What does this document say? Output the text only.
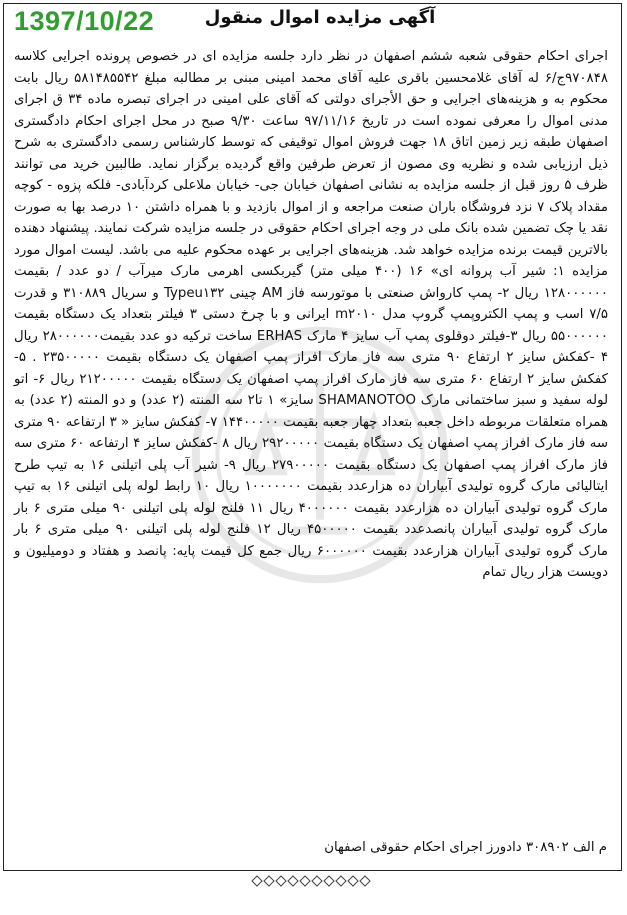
1397/10/22	آگهی مزایده اموال منقول

اجرای احکام حقوقی شعبه ششم اصفهان در نظر دارد جلسه مزایده ای در خصوص پرونده اجرایی کلاسه ۹۷۰۸۴۸ج/۶ له آقای غلامحسین باقری علیه آقای محمد امینی مبنی بر مطالبه مبلغ ۵۸۱۴۸۵۵۴۲ ریال بابت محکوم به و هزینه‌های اجرایی و حق الأجرای دولتی که آقای علی امینی در اجرای تبصره ماده ۳۴ ق اجرای مدنی اموال را معرفی نموده است در تاریخ ۹۷/۱۱/۱۶ ساعت ۹/۳۰ صبح در محل اجرای احکام دادگستری اصفهان طبقه زیر زمین اتاق ۱۸ جهت فروش اموال توقیفی که توسط کارشناس رسمی دادگستری به شرح ذیل ارزیابی شده و نظریه وی مصون از تعرض طرفین واقع گردیده برگزار نماید. طالبین خرید می توانند ظرف ۵ روز قبل از جلسه مزایده به نشانی اصفهان خیابان جی- خیابان ملاعلی کردآبادی- فلکه پزوه - کوچه مقداد پلاک ۷ نزد فروشگاه باران صنعت مراجعه و از اموال بازدید و با همراه داشتن ۱۰ درصد بها به صورت نقد یا چک تضمین شده بانک ملی در وجه اجرای احکام حقوقی در جلسه مزایده شرکت نمایند. پیشنهاد دهنده بالاترین قیمت برنده مزایده خواهد شد. هزینه‌های اجرایی بر عهده محکوم علیه می باشد. لیست اموال مورد مزایده ۱: شیر آب پروانه ای» ۱۶ (۴۰۰ میلی متر) گیربکسی اهرمی مارک میرآب / دو عدد / بقیمت ۱۲۸۰۰۰۰۰۰ ریال ۲- پمپ کارواش صنعتی با موتورسه فاز AM چینی Typeu۱۳۲ و سریال ۳۱۰۸۸۹ و قدرت ۷/۵ اسب و پمپ الکتروپمپ گروپ مدل m۲۰۱۰ ایرانی و با چرخ دستی ۳ فیلتر بتعداد یک دستگاه بقیمت ۵۵۰۰۰۰۰۰ ریال ۳-فیلتر دوقلوی پمپ آب سایز ۴ مارک ERHAS ساخت ترکیه دو عدد بقیمت۲۸۰۰۰۰۰۰ ریال ۴ -کفکش سایز ۲ ارتفاع ۹۰ متری سه فاز مارک افراز پمپ اصفهان یک دستگاه بقیمت ۲۳۵۰۰۰۰۰ . ۵- کفکش سایز ۲ ارتفاع ۶۰ متری سه فاز مارک افراز پمپ اصفهان یک دستگاه بقیمت ۲۱۲۰۰۰۰۰ ریال ۶- اتو لوله سفید و سبز ساختمانی مارک SHAMANOTOO سایز» ۱ تا۲ سه المنته (۲ عدد) و دو المنته (۲ عدد) به همراه متعلقات مربوطه داخل جعبه بتعداد چهار جعبه بقیمت ۱۴۴۰۰۰۰۰ ۷- کفکش سایز « ۳ ارتفاعه ۹۰ متری سه فاز مارک افراز پمپ اصفهان یک دستگاه بقیمت ۲۹۲۰۰۰۰۰ ریال ۸ -کفکش سایز ۴ ارتفاعه ۶۰ متری سه فاز مارک افراز پمپ اصفهان یک دستگاه بقیمت ۲۷۹۰۰۰۰۰ ریال ۹- شیر آب پلی اتیلنی ۱۶ به تیپ طرح ایتالیائی مارک گروه تولیدی آبیاران ده هزارعدد بقیمت ۱۰۰۰۰۰۰۰ ریال ۱۰ رابط لوله پلی اتیلنی ۱۶ به تیپ مارک گروه تولیدی آبیاران ده هزارعدد بقیمت ۴۰۰۰۰۰۰ ریال ۱۱ فلنج لوله پلی اتیلنی ۹۰ میلی متری ۶ بار مارک گروه تولیدی آبیاران پانصدعدد بقیمت ۴۵۰۰۰۰۰ ریال ۱۲ فلنج لوله پلی اتیلنی ۹۰ میلی متری ۶ بار مارک گروه تولیدی آبیاران هزارعدد بقیمت ۶۰۰۰۰۰۰ ریال جمع کل قیمت پایه: پانصد و هفتاد و دومیلیون و دویست هزار ریال تمام

م الف ۳۰۸۹۰۲ دادورز اجرای احکام حقوقی اصفهان
